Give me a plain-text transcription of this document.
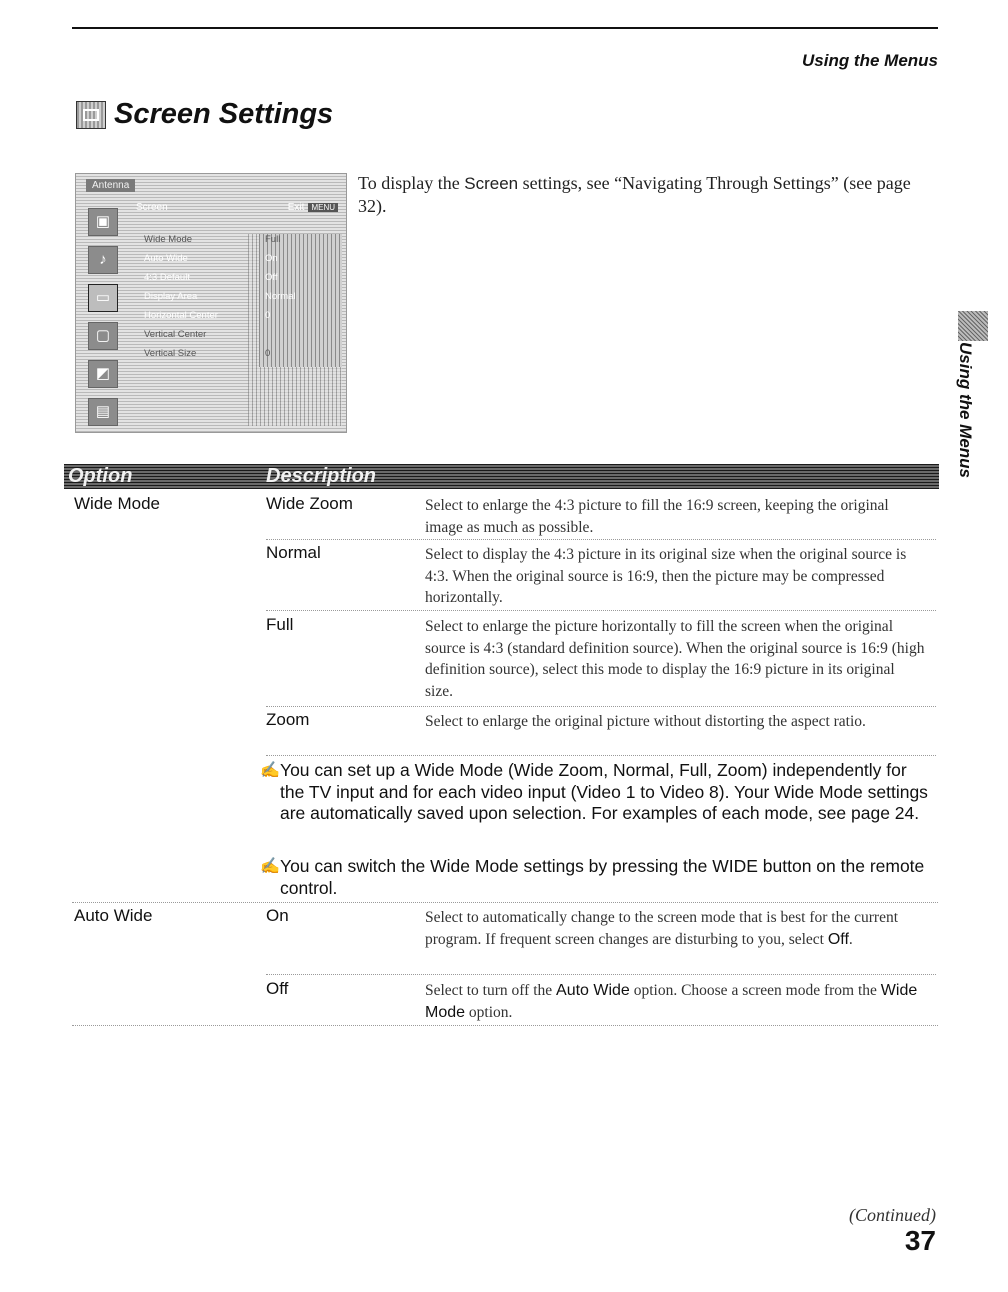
Using the Menus
Screen Settings
Antenna
Screen	Exit MENU
▣
♪
▭
▢
◩
▤
Wide Mode	Full
Auto Wide	On
4:3 Default	Off
Display Area	Normal
Horizontal Center	0
Vertical Center
Vertical Size	0
To display the Screen settings, see “Navigating Through Settings” (see page 32).
Using the Menus
Option	Description
Wide Mode	Wide Zoom	Select to enlarge the 4:3 picture to fill the 16:9 screen, keeping the original image as much as possible.
Normal	Select to display the 4:3 picture in its original size when the original source is 4:3. When the original source is 16:9, then the picture may be compressed horizontally.
Full	Select to enlarge the picture horizontally to fill the screen when the original source is 4:3 (standard definition source). When the original source is 16:9 (high definition source), select this mode to display the 16:9 picture in its original size.
Zoom	Select to enlarge the original picture without distorting the aspect ratio.
✍ You can set up a Wide Mode (Wide Zoom, Normal, Full, Zoom) independently for the TV input and for each video input (Video 1 to Video 8). Your Wide Mode settings are automatically saved upon selection. For examples of each mode, see page 24.
✍ You can switch the Wide Mode settings by pressing the WIDE button on the remote control.
Auto Wide	On	Select to automatically change to the screen mode that is best for the current program. If frequent screen changes are disturbing to you, select Off.
Off	Select to turn off the Auto Wide option. Choose a screen mode from the Wide Mode option.
(Continued)
37
